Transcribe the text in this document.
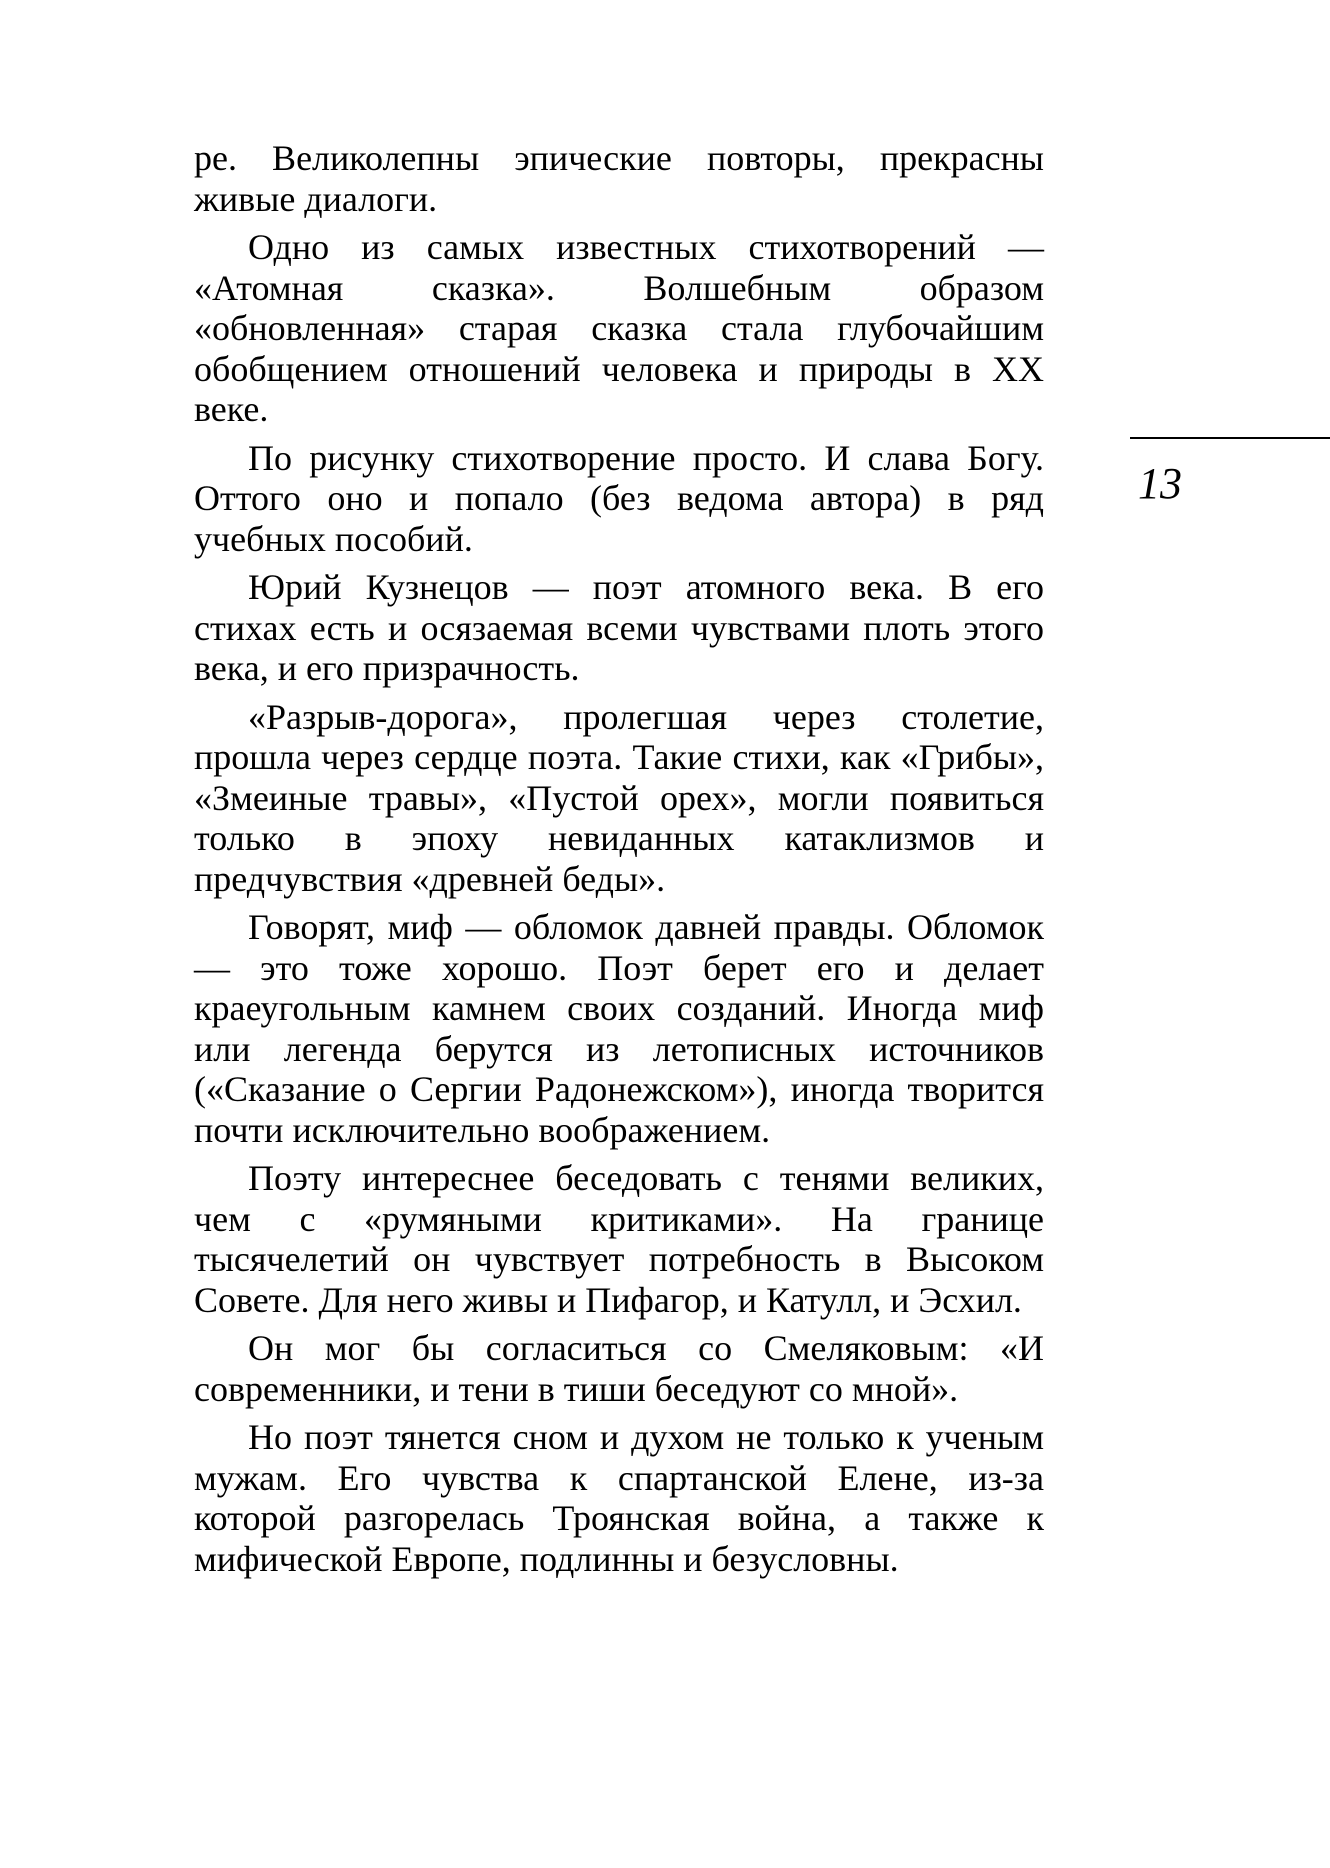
ре. Великолепны эпические повторы, прекрасны живые диалоги.

Одно из самых известных стихотворений — «Атомная сказка». Волшебным образом «обновленная» старая сказка стала глубочайшим обобщением отношений человека и природы в XX веке.

По рисунку стихотворение просто. И слава Богу. Оттого оно и попало (без ведома автора) в ряд учебных пособий.

Юрий Кузнецов — поэт атомного века. В его стихах есть и осязаемая всеми чувствами плоть этого века, и его призрачность.

«Разрыв-дорога», пролегшая через столетие, прошла через сердце поэта. Такие стихи, как «Грибы», «Змеиные травы», «Пустой орех», могли появиться только в эпоху невиданных катаклизмов и предчувствия «древней беды».

Говорят, миф — обломок давней правды. Обломок — это тоже хорошо. Поэт берет его и делает краеугольным камнем своих созданий. Иногда миф или легенда берутся из летописных источников («Сказание о Сергии Радонежском»), иногда творится почти исключительно воображением.

Поэту интереснее беседовать с тенями великих, чем с «румяными критиками». На границе тысячелетий он чувствует потребность в Высоком Совете. Для него живы и Пифагор, и Катулл, и Эсхил.

Он мог бы согласиться со Смеляковым: «И современники, и тени в тиши беседуют со мной».

Но поэт тянется сном и духом не только к ученым мужам. Его чувства к спартанской Елене, из-за которой разгорелась Троянская война, а также к мифической Европе, подлинны и безусловны.

13
